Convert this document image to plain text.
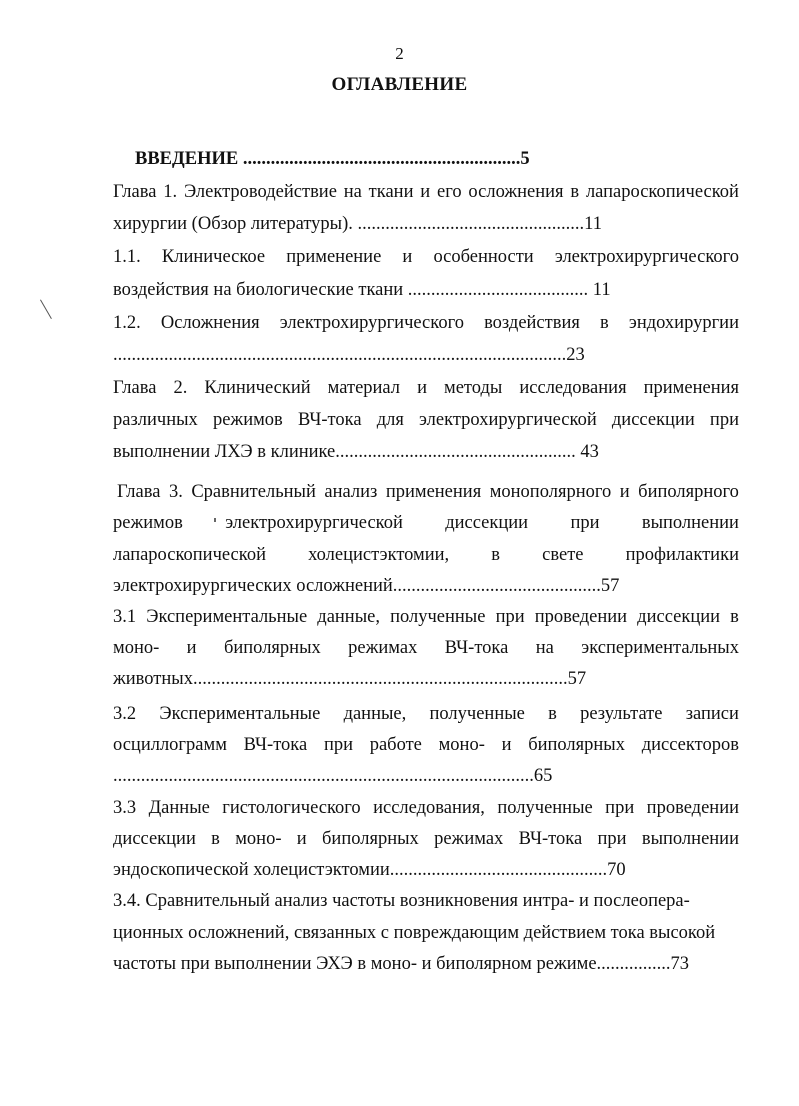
2
ОГЛАВЛЕНИЕ
ВВЕДЕНИЕ ............................................................5
Глава 1. Электроводействие на ткани и его осложнения в лапароскопической
хирургии (Обзор литературы). .................................................11
1.1. Клиническое применение и особенности электрохирургического
воздействия на биологические ткани ....................................... 11
1.2. Осложнения электрохирургического воздействия в эндохирургии
..................................................................................................23
Глава 2. Клинический материал и методы исследования применения
различных режимов ВЧ-тока для электрохирургической диссекции при
выполнении ЛХЭ в клинике.................................................... 43
Глава 3. Сравнительный анализ применения монополярного и биполярного
режимов электрохирургической диссекции при выполнении
лапароскопической холецистэктомии, в свете профилактики
электрохирургических осложнений.............................................57
3.1 Экспериментальные данные, полученные при проведении диссекции в
моно- и биполярных режимах ВЧ-тока на экспериментальных
животных.................................................................................57
3.2 Экспериментальные данные, полученные в результате записи
осциллограмм ВЧ-тока при работе моно- и биполярных диссекторов
...........................................................................................65
3.3 Данные гистологического исследования, полученные при проведении
диссекции в моно- и биполярных режимах ВЧ-тока при выполнении
эндоскопической холецистэктомии...............................................70
3.4. Сравнительный анализ частоты возникновения интра- и послеопера-
ционных осложнений, связанных с повреждающим действием тока высокой
частоты при выполнении ЭХЭ в моно- и биполярном режиме................73
